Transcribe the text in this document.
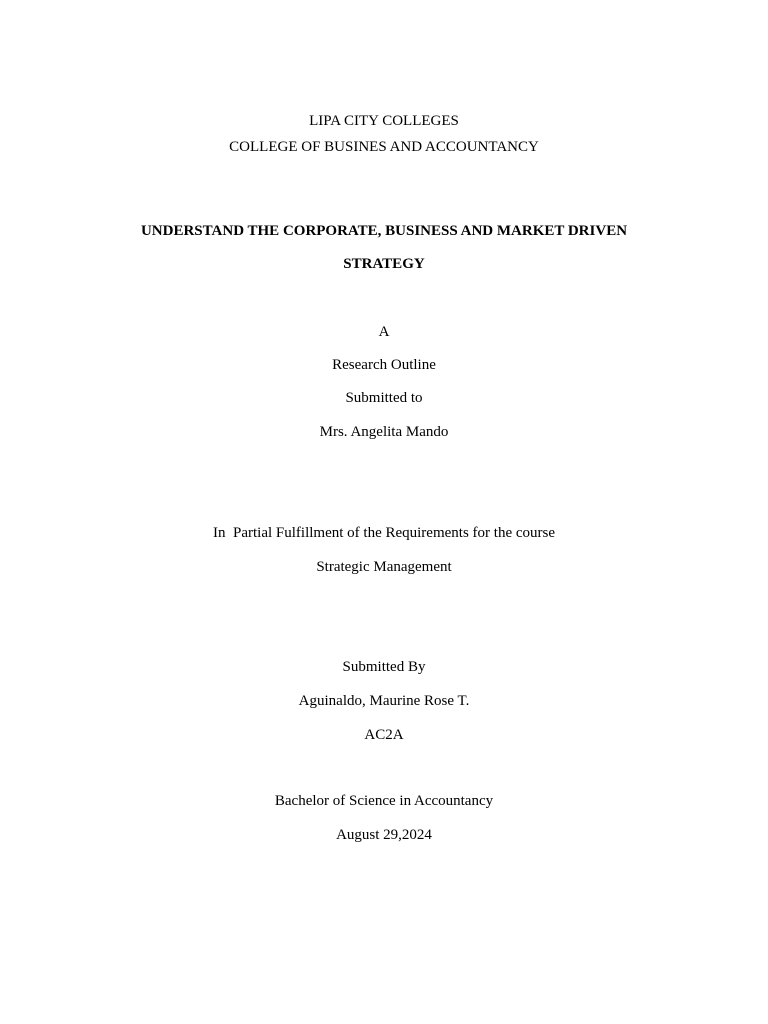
LIPA CITY COLLEGES
COLLEGE OF BUSINES AND ACCOUNTANCY
UNDERSTAND THE CORPORATE, BUSINESS AND MARKET DRIVEN
STRATEGY
A
Research Outline
Submitted to
Mrs. Angelita Mando
In  Partial Fulfillment of the Requirements for the course
Strategic Management
Submitted By
Aguinaldo, Maurine Rose T.
AC2A
Bachelor of Science in Accountancy
August 29,2024
